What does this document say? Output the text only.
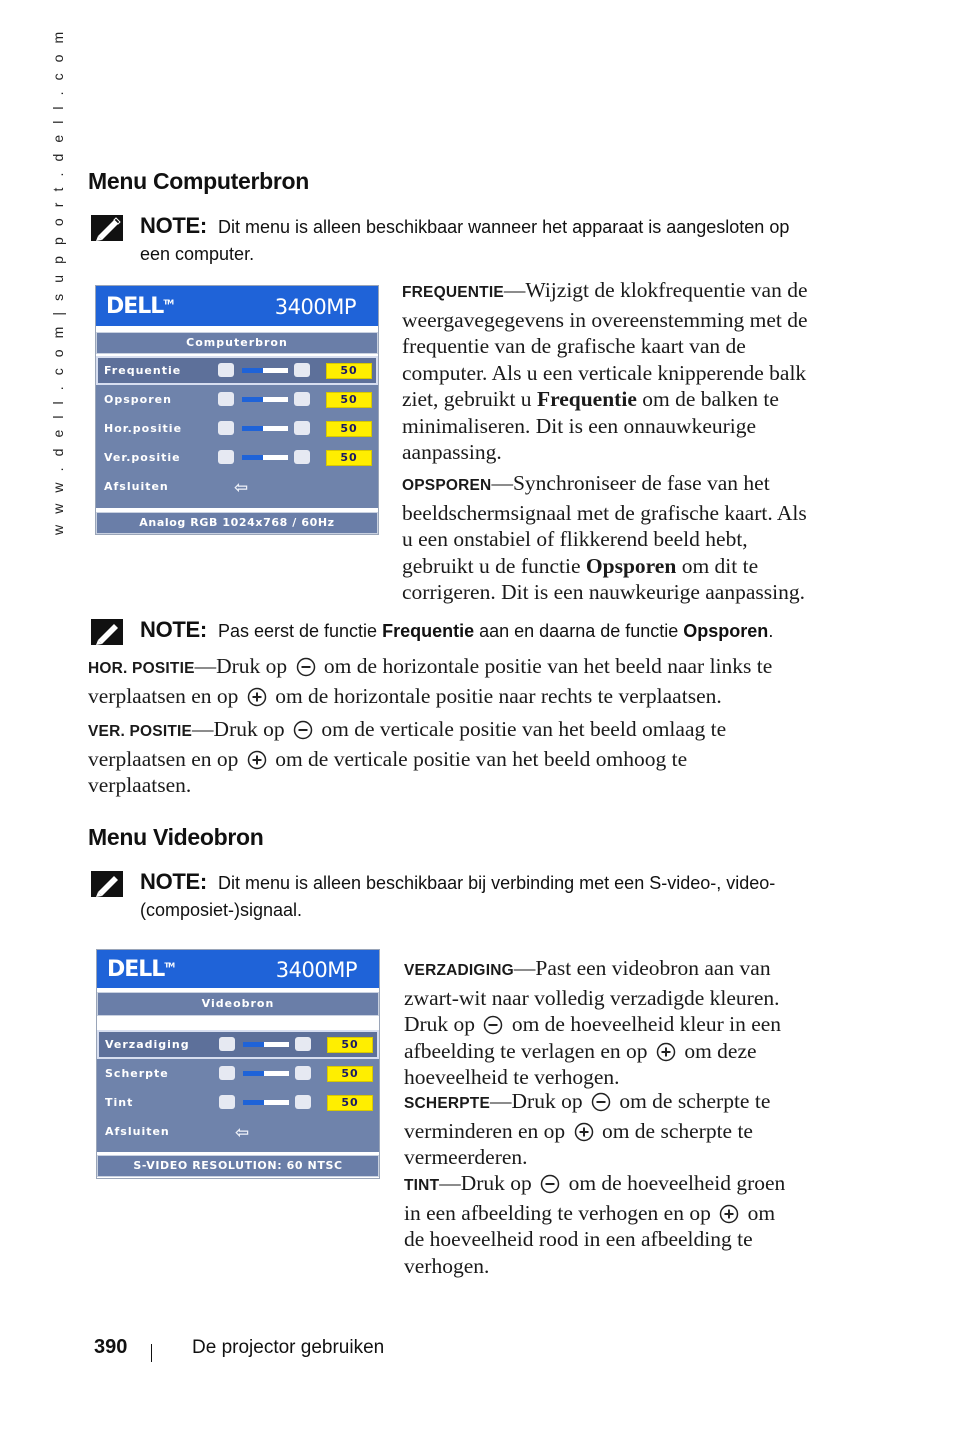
w w w . d e l l . c o m | s u p p o r t . d e l l . c o m Menu Computerbron
NOTE: Dit menu is alleen beschikbaar wanneer het apparaat is aangesloten op
een computer.
DELL™	3400MP
Computerbron
Frequentie	50
Opsporen	50
Hor.positie	50
Ver.positie	50
Afsluiten	⇦
Analog RGB 1024x768 / 60Hz
FREQUENTIE—Wijzigt de klokfrequentie van de
weergavegegevens in overeenstemming met de
frequentie van de grafische kaart van de
computer. Als u een verticale knipperende balk
ziet, gebruikt u Frequentie om de balken te
minimaliseren. Dit is een onnauwkeurige
aanpassing.
OPSPOREN—Synchroniseer de fase van het
beeldschermsignaal met de grafische kaart. Als
u een onstabiel of flikkerend beeld hebt,
gebruikt u de functie Opsporen om dit te
corrigeren. Dit is een nauwkeurige aanpassing.
NOTE: Pas eerst de functie Frequentie aan en daarna de functie Opsporen.
HOR. POSITIE—Druk op om de horizontale positie van het beeld naar links te
verplaatsen en op om de horizontale positie naar rechts te verplaatsen.
VER. POSITIE—Druk op om de verticale positie van het beeld omlaag te
verplaatsen en op om de verticale positie van het beeld omhoog te
verplaatsen.
Menu Videobron
NOTE: Dit menu is alleen beschikbaar bij verbinding met een S-video-, video-
(composiet-)signaal.
DELL™	3400MP
Videobron
Verzadiging	50
Scherpte	50
Tint	50
Afsluiten	⇦
S-VIDEO RESOLUTION: 60 NTSC
VERZADIGING—Past een videobron aan van
zwart-wit naar volledig verzadigde kleuren.
Druk op om de hoeveelheid kleur in een
afbeelding te verlagen en op om deze
hoeveelheid te verhogen.
SCHERPTE—Druk op om de scherpte te
verminderen en op om de scherpte te
vermeerderen.
TINT—Druk op om de hoeveelheid groen
in een afbeelding te verhogen en op om
de hoeveelheid rood in een afbeelding te
verhogen.
390	De projector gebruiken
